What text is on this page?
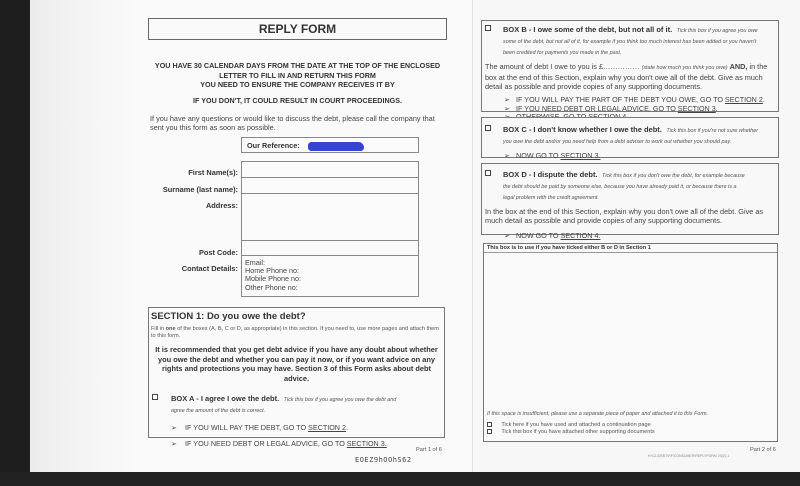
REPLY FORM
YOU HAVE 30 CALENDAR DAYS FROM THE DATE AT THE TOP OF THE ENCLOSED
LETTER TO FILL IN AND RETURN THIS FORM
YOU NEED TO ENSURE THE COMPANY RECEIVES IT BY
IF YOU DON'T, IT COULD RESULT IN COURT PROCEEDINGS.
If you have any questions or would like to discuss the debt, please call the company that sent you this form as soon as possible.
Our Reference:
First Name(s):
Surname (last name):
Address:
Post Code:
Contact Details:
Email:
Home Phone no:
Mobile Phone no:
Other Phone no:
SECTION 1: Do you owe the debt?
Fill in one of the boxes (A, B, C or D, as appropriate) in this section. If you need to, use more pages and attach them to this form.
It is recommended that you get debt advice if you have any doubt about whether you owe the debt and whether you can pay it now, or if you want advice on any rights and protections you may have. Section 3 of this Form asks about debt advice.
BOX A - I agree I owe the debt. Tick this box if you agree you owe the debt and agree the amount of the debt is correct.
➢ IF YOU WILL PAY THE DEBT, GO TO SECTION 2.
➢ IF YOU NEED DEBT OR LEGAL ADVICE, GO TO SECTION 3.
Part 1 of 6
EOEZ9hOOhS62
BOX B - I owe some of the debt, but not all of it. Tick this box if you agree you owe some of the debt, but not all of it, for example if you think too much interest has been added or you haven't been credited for payments you made in the past.
The amount of debt I owe to you is £…………… (state how much you think you owe) AND, in the box at the end of this Section, explain why you don't owe all of the debt. Give as much detail as possible and provide copies of any supporting documents.
➢ IF YOU WILL PAY THE PART OF THE DEBT YOU OWE, GO TO SECTION 2.
➢ IF YOU NEED DEBT OR LEGAL ADVICE, GO TO SECTION 3.

BOX C - I don't know whether I owe the debt. Tick this box if you're not sure whether you owe the debt and/or you need help from a debt adviser to work out whether you should pay.
➢ NOW GO TO SECTION 3.
BOX D - I dispute the debt. Tick this box if you don't owe the debt, for example because the debt should be paid by someone else, because you have already paid it, or because there is a legal problem with the credit agreement.
In the box at the end of this Section, explain why you don't owe all of the debt. Give as much detail as possible and provide copies of any supporting documents.
➢ NOW GO TO SECTION 4.
This box is to use if you have ticked either B or D in Section 1
If this space is insufficient, please use a separate piece of paper and attached it to this Form.
Tick here if you have used and attached a continuation page
Tick this box if you have attached other supporting documents
Part 2 of 6
H:\CL\DEBT\RF\CONSUMER\REPLYFORM 20(2)-1
